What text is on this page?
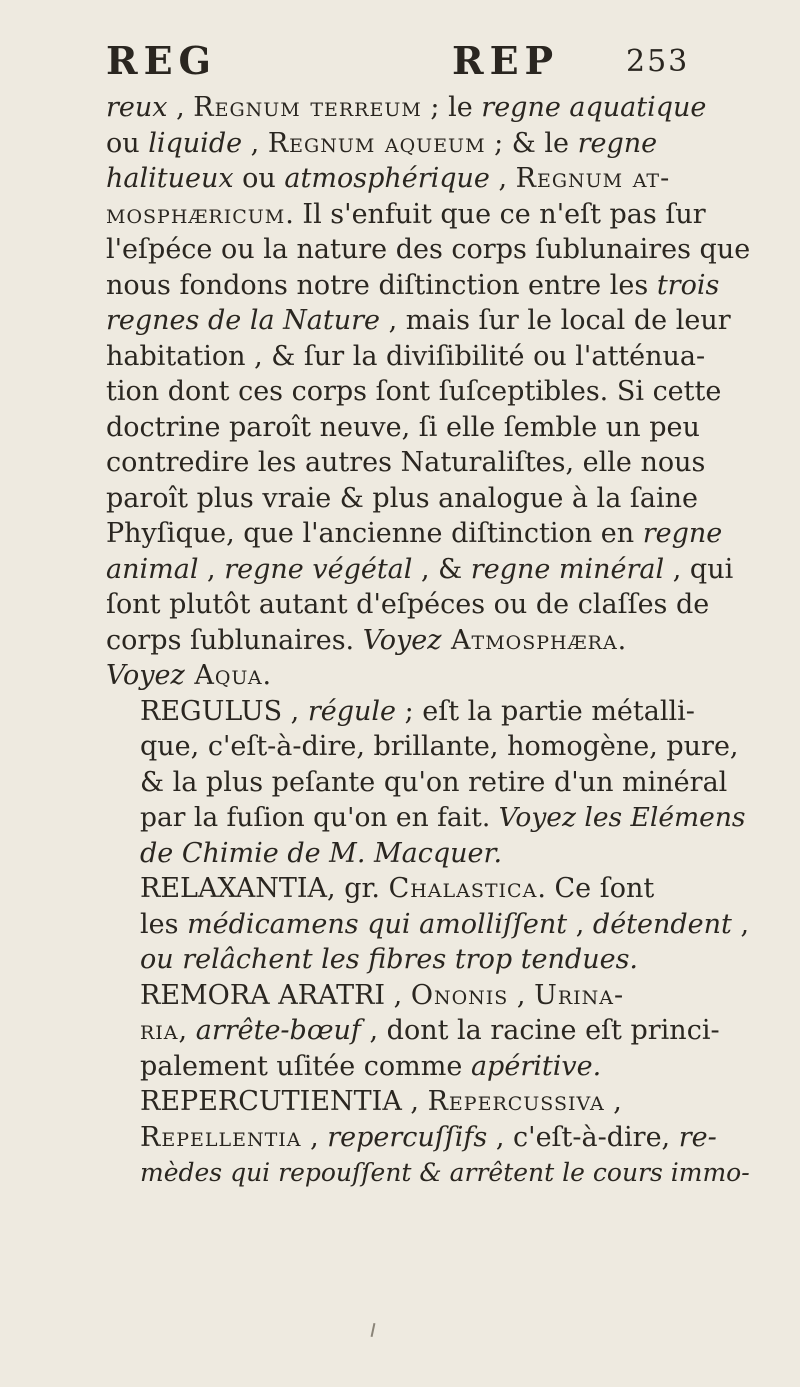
REG	REP 253

reux , Regnum terreum ; le regne aquatique
ou liquide , Regnum aqueum ; & le regne
halitueux ou atmosphérique , Regnum at-
mosphæricum. Il s'enfuit que ce n'eſt pas ſur
l'eſpéce ou la nature des corps ſublunaires que
nous fondons notre diſtinction entre les trois
regnes de la Nature , mais ſur le local de leur
habitation , & ſur la diviſibilité ou l'atténua-
tion dont ces corps ſont ſuſceptibles. Si cette
doctrine paroît neuve, ſi elle ſemble un peu
contredire les autres Naturaliſtes, elle nous
paroît plus vraie & plus analogue à la ſaine
Phyſique, que l'ancienne diſtinction en regne
animal , regne végétal , & regne minéral , qui
ſont plutôt autant d'eſpéces ou de claſſes de
corps ſublunaires. Voyez Atmosphæra.
Voyez Aqua.

REGULUS , régule ; eſt la partie métalli-
que, c'eſt-à-dire, brillante, homogène, pure,
& la plus peſante qu'on retire d'un minéral
par la fuſion qu'on en fait. Voyez les Elémens
de Chimie de M. Macquer.

RELAXANTIA, gr. Chalastica. Ce ſont
les médicamens qui amolliſſent , détendent ,
ou relâchent les fibres trop tendues.

REMORA ARATRI , Ononis , Urina-
ria, arrête-bœuf , dont la racine eſt princi-
palement uſitée comme apéritive.

REPERCUTIENTIA , Repercussiva ,
Repellentia , repercuſſifs , c'eſt-à-dire, re-
mèdes qui repouſſent & arrêtent le cours immo-
